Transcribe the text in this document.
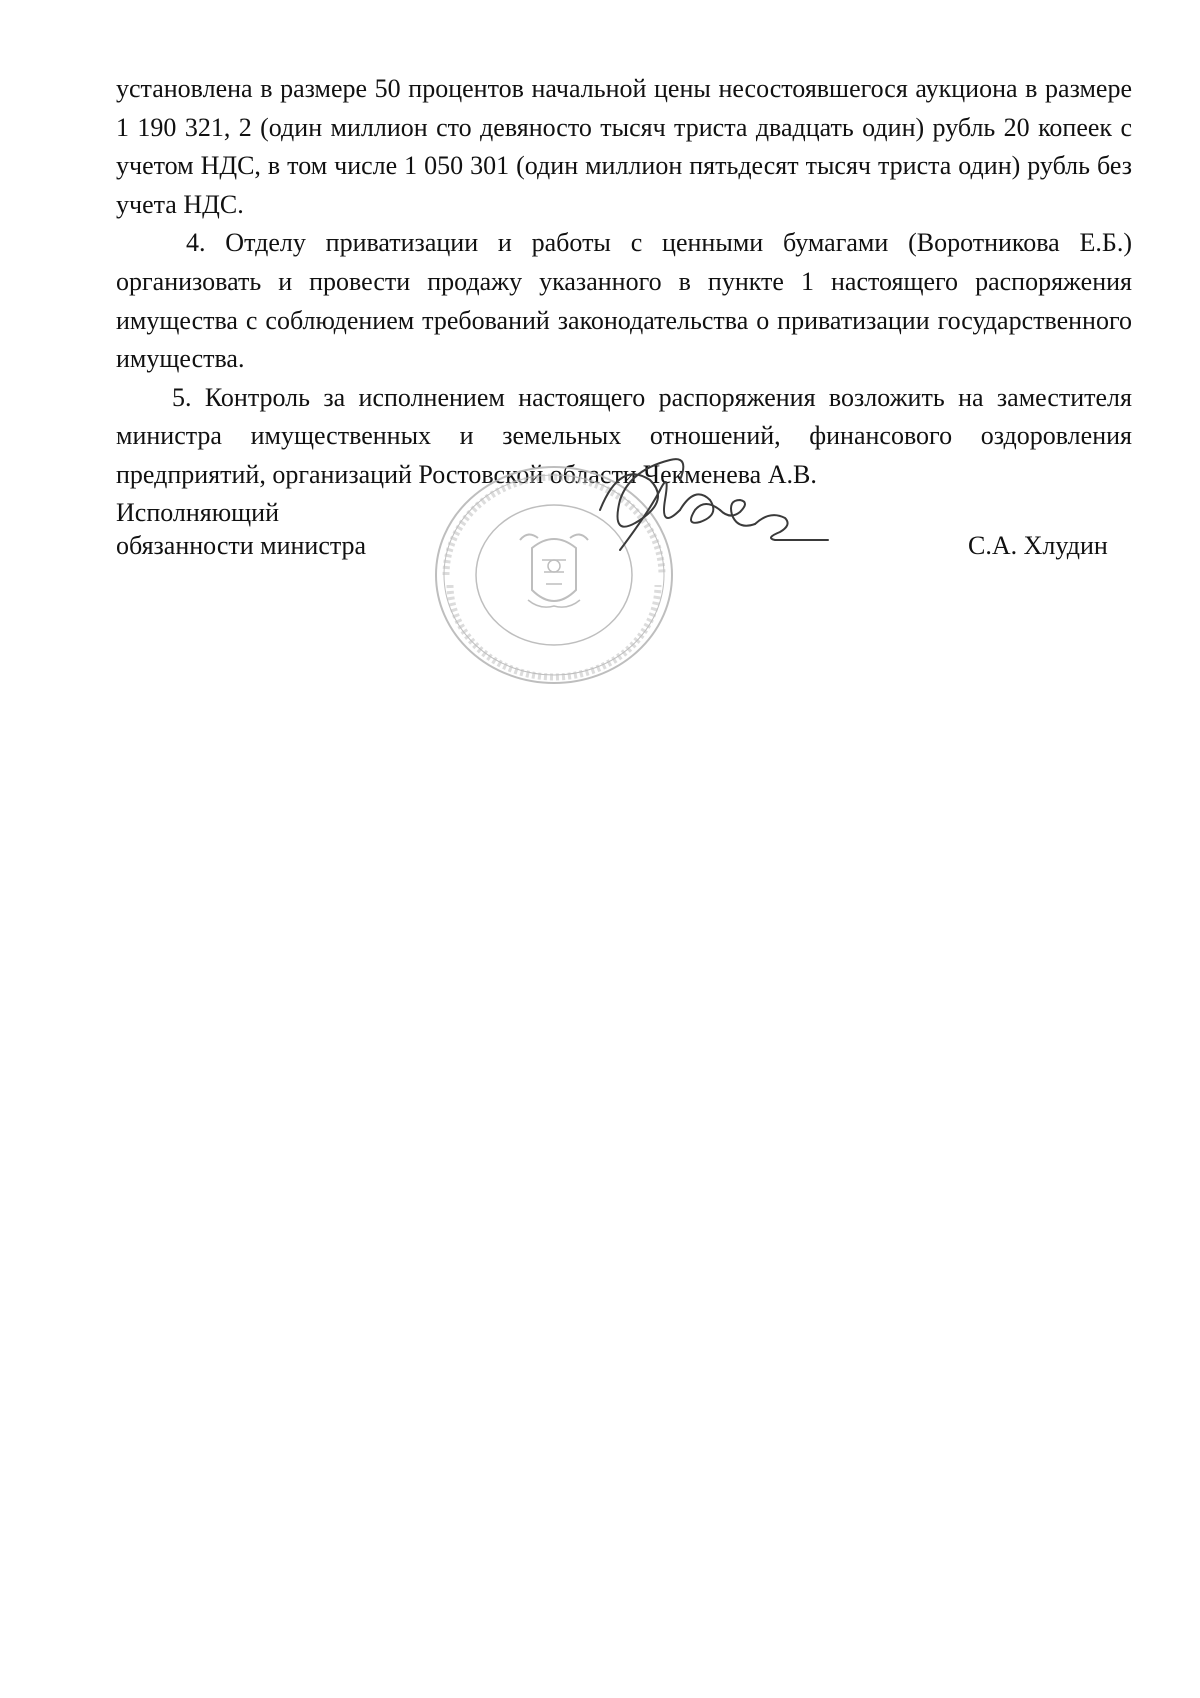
установлена в размере 50 процентов начальной цены несостоявшегося аукциона в размере 1 190 321, 2 (один миллион сто девяносто тысяч триста двадцать один) рубль 20 копеек с учетом НДС, в том числе 1 050 301 (один миллион пятьдесят тысяч триста один) рубль без учета НДС.

4. Отделу приватизации и работы с ценными бумагами (Воротникова Е.Б.) организовать и провести продажу указанного в пункте 1 настоящего распоряжения имущества с соблюдением требований законодательства о приватизации государственного имущества.

5. Контроль за исполнением настоящего распоряжения возложить на заместителя министра имущественных и земельных отношений, финансового оздоровления предприятий, организаций Ростовской области Чекменева А.В.

Исполняющий
обязанности министра	С.А. Хлудин
